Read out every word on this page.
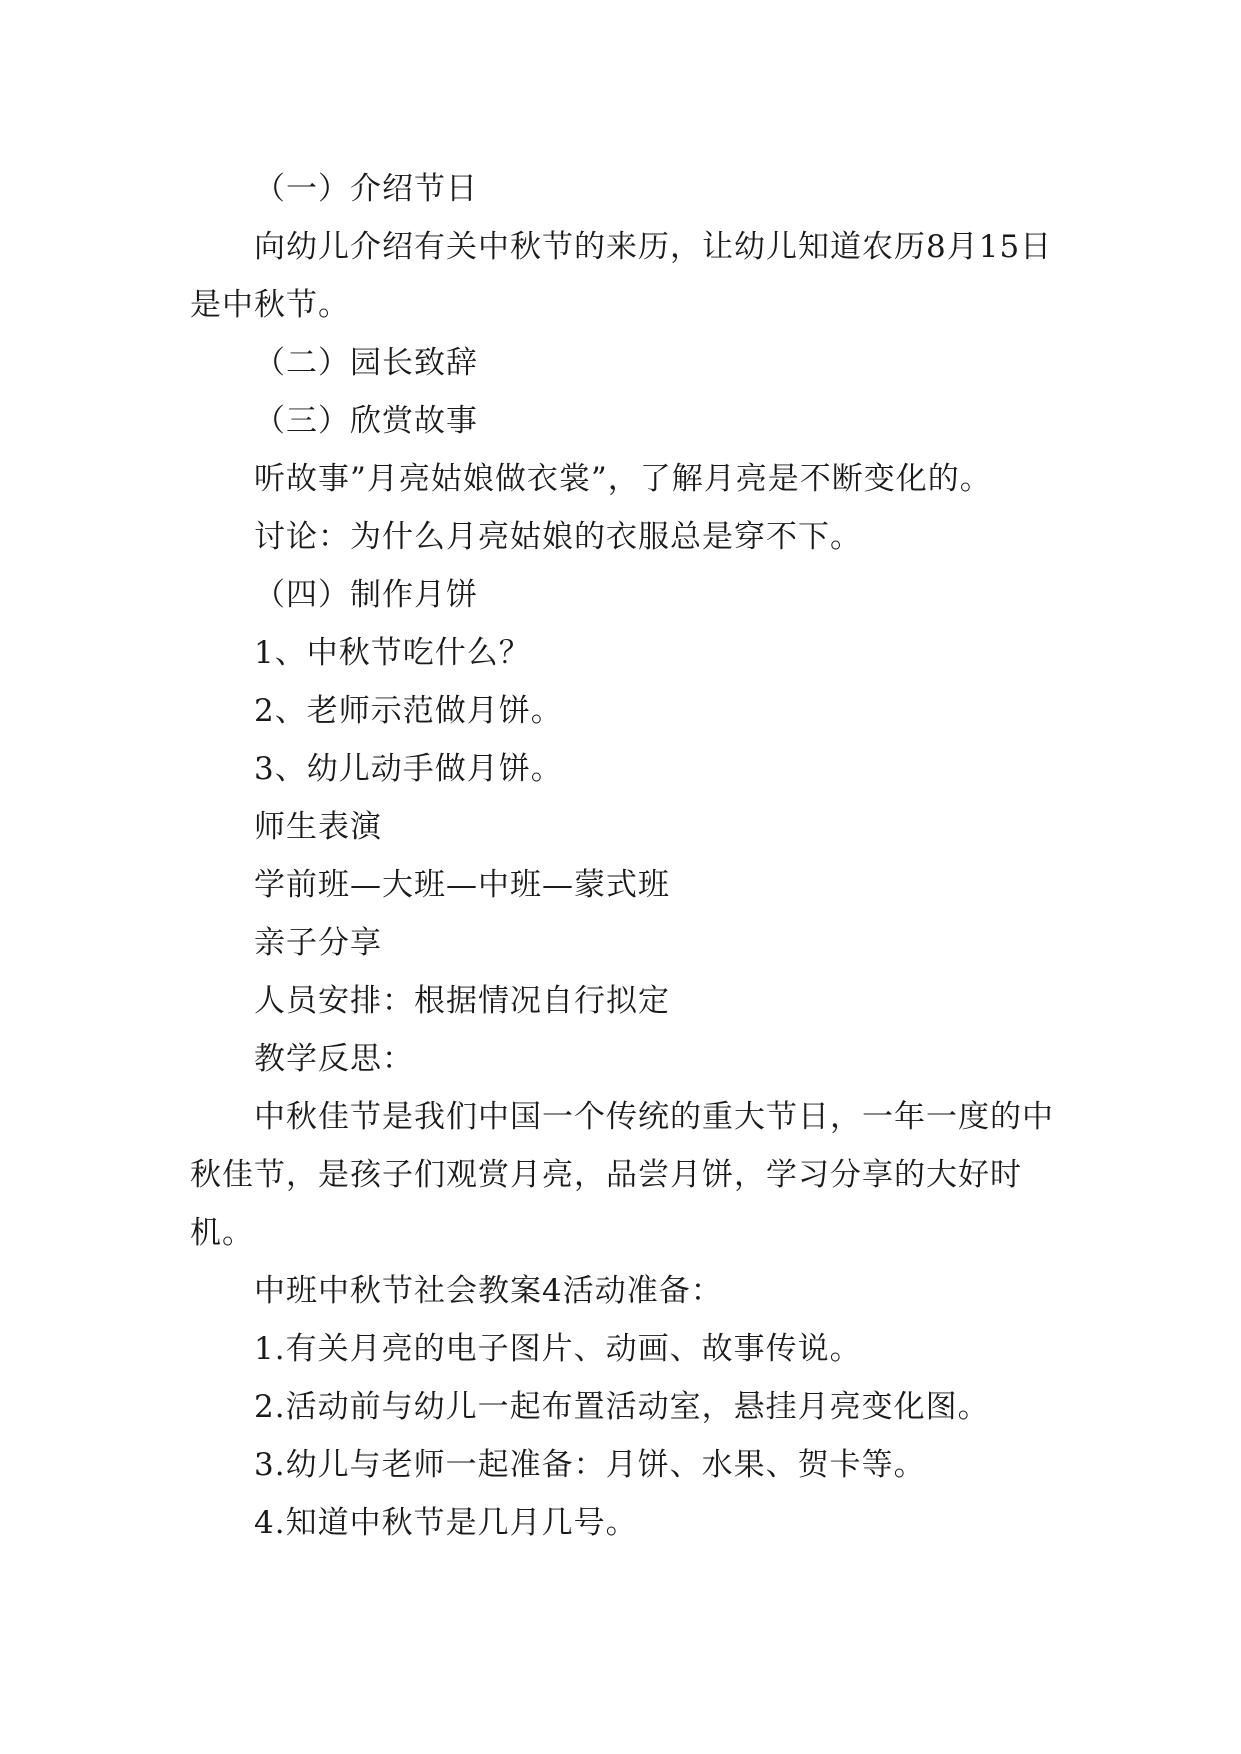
（一）介绍节日

向幼儿介绍有关中秋节的来历，让幼儿知道农历8月15日是中秋节。

（二）园长致辞

（三）欣赏故事

听故事”月亮姑娘做衣裳”，了解月亮是不断变化的。

讨论：为什么月亮姑娘的衣服总是穿不下。

（四）制作月饼

1、中秋节吃什么？

2、老师示范做月饼。

3、幼儿动手做月饼。

师生表演

学前班—大班—中班—蒙式班

亲子分享

人员安排：根据情况自行拟定

教学反思：

中秋佳节是我们中国一个传统的重大节日，一年一度的中秋佳节，是孩子们观赏月亮，品尝月饼，学习分享的大好时机。

中班中秋节社会教案4活动准备：

1.有关月亮的电子图片、动画、故事传说。

2.活动前与幼儿一起布置活动室，悬挂月亮变化图。

3.幼儿与老师一起准备：月饼、水果、贺卡等。

4.知道中秋节是几月几号。
